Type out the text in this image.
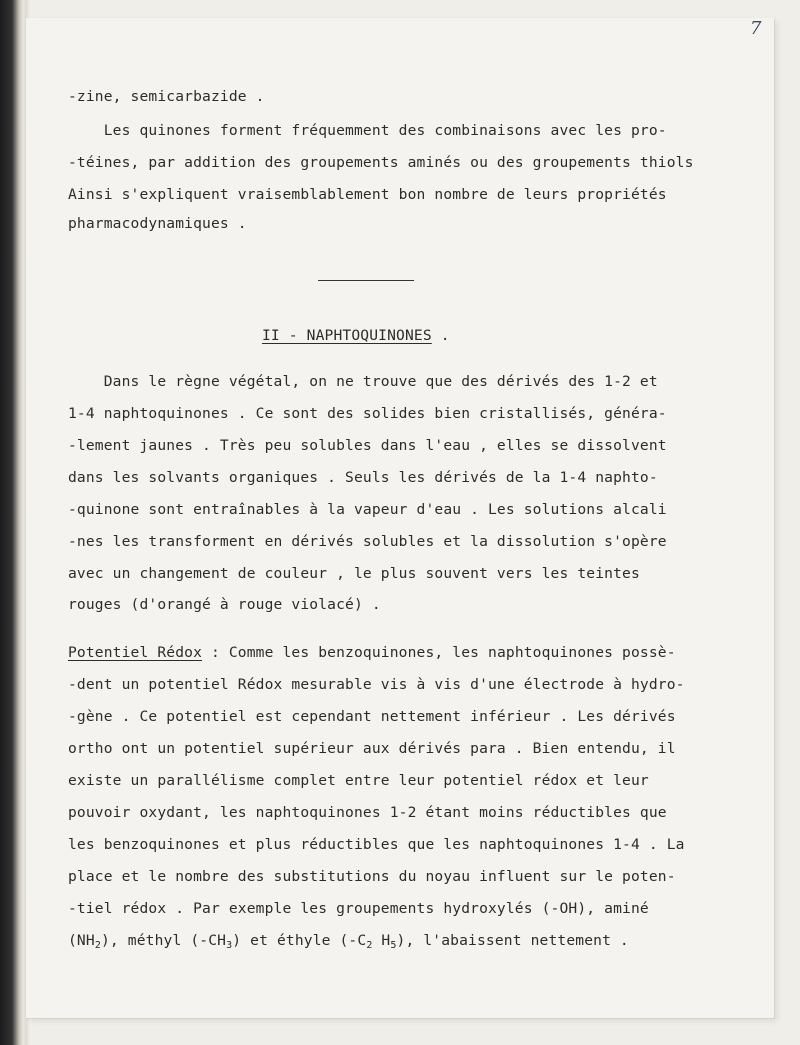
7
-zine, semicarbazide .
Les quinones forment fréquemment des combinaisons avec les pro-
-téines, par addition des groupements aminés ou des groupements thiols
Ainsi s'expliquent vraisemblablement bon nombre de leurs propriétés
pharmacodynamiques .
II - NAPHTOQUINONES .
Dans le règne végétal, on ne trouve que des dérivés des 1-2 et
1-4 naphtoquinones . Ce sont des solides bien cristallisés, généra-
-lement jaunes . Très peu solubles dans l'eau , elles se dissolvent
dans les solvants organiques . Seuls les dérivés de la 1-4 naphto-
-quinone sont entraînables à la vapeur d'eau . Les solutions alcali
-nes les transforment en dérivés solubles et la dissolution s'opère
avec un changement de couleur , le plus souvent vers les teintes
rouges (d'orangé à rouge violacé) .
Potentiel Rédox : Comme les benzoquinones, les naphtoquinones possè-
-dent un potentiel Rédox mesurable vis à vis d'une électrode à hydro-
-gène . Ce potentiel est cependant nettement inférieur . Les dérivés
ortho ont un potentiel supérieur aux dérivés para . Bien entendu, il
existe un parallélisme complet entre leur potentiel rédox et leur
pouvoir oxydant, les naphtoquinones 1-2 étant moins réductibles que
les benzoquinones et plus réductibles que les naphtoquinones 1-4 . La
place et le nombre des substitutions du noyau influent sur le poten-
-tiel rédox . Par exemple les groupements hydroxylés (-OH), aminé
$(NH_2)$, méthyl $(-CH_3)$ et éthyle ($-C_2$ $H_5$), l'abaissent nettement .
